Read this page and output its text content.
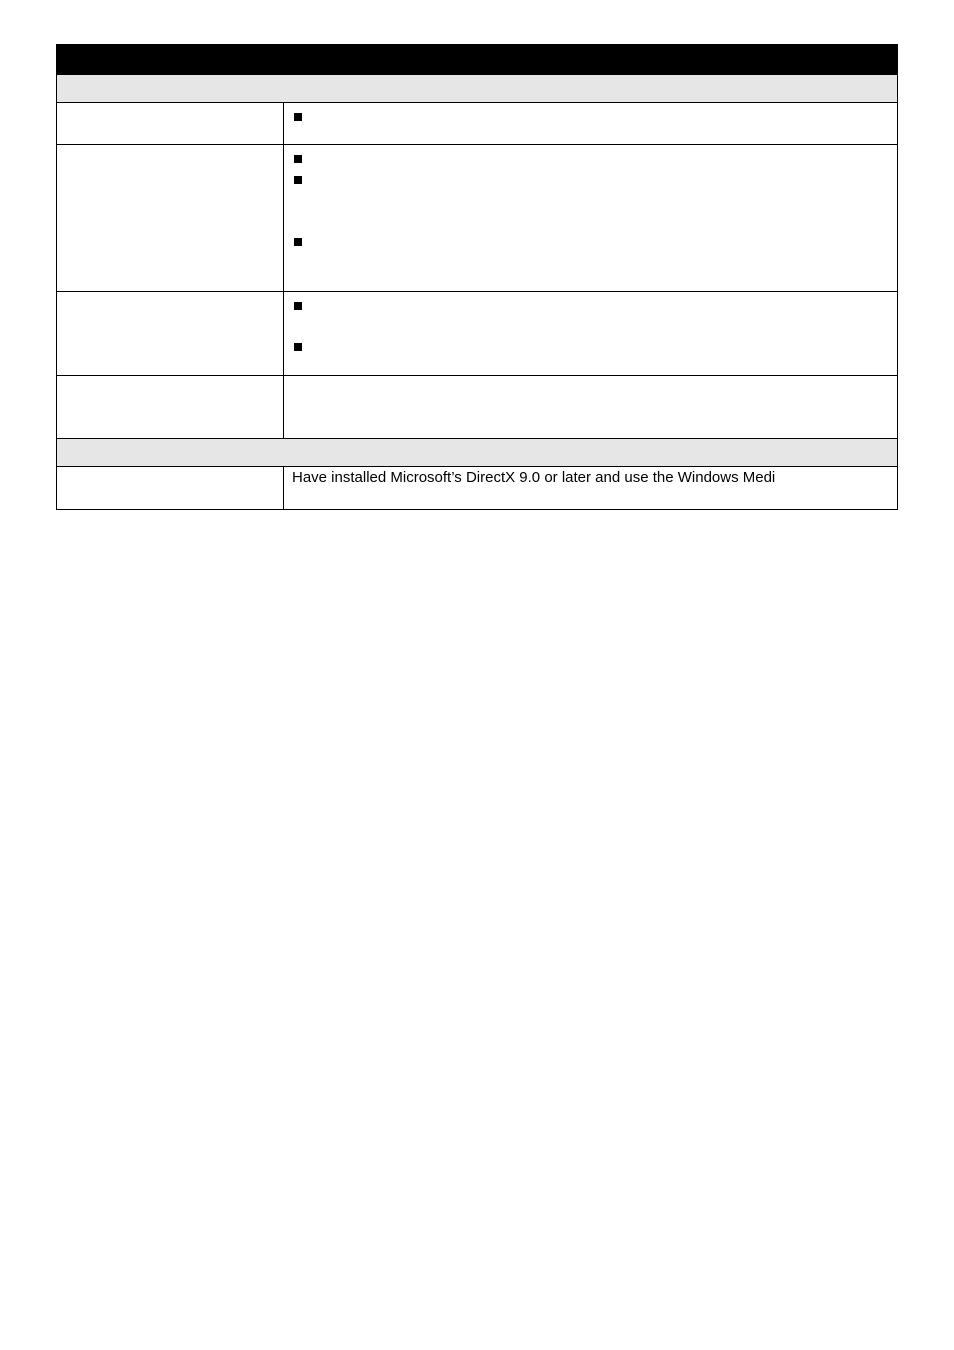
Have installed Microsoft’s DirectX 9.0 or later and use the Windows Medi
